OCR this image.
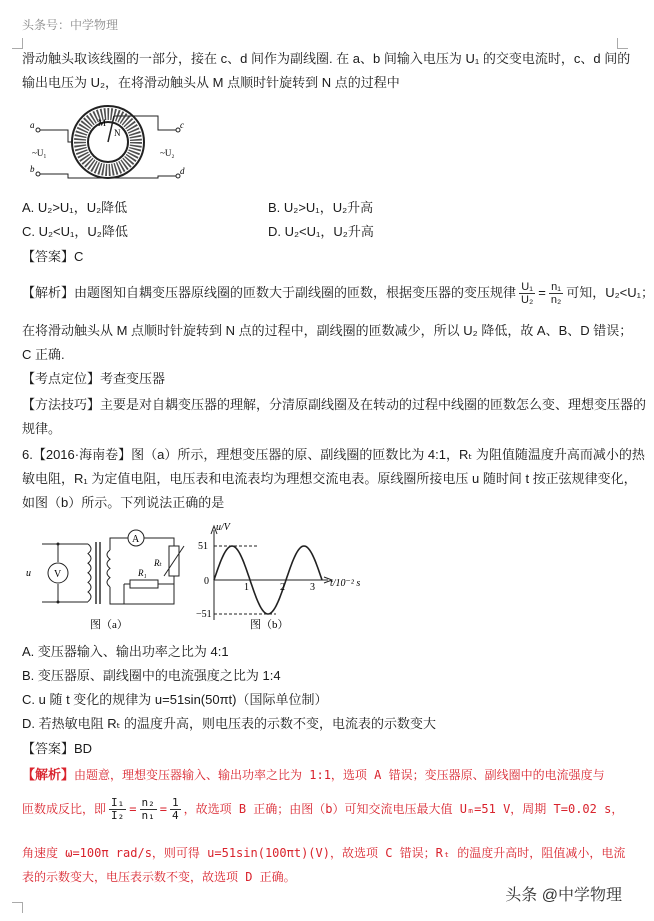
头条号：中学物理
滑动触头取该线圈的一部分，接在 c、d 间作为副线圈. 在 a、b 间输入电压为 U₁ 的交变电流时，c、d 间的
输出电压为 U₂，在将滑动触头从 M 点顺时针旋转到 N 点的过程中
M
N
a
b
c
d
~U₁	~U₂
A. U₂>U₁，U₂降低	B. U₂>U₁，U₂升高
C. U₂<U₁，U₂降低	D. U₂<U₁，U₂升高
【答案】C
【解析】由题图知自耦变压器原线圈的匝数大于副线圈的匝数，根据变压器的变压规律 $\frac{\text{U₁}}{\text{U₂}} = \frac{\text{n₁}}{\text{n₂}}$ 可知，U₂<U₁；
在将滑动触头从 M 点顺时针旋转到 N 点的过程中，副线圈的匝数减少，所以 U₂ 降低，故 A、B、D 错误；
C 正确.
【考点定位】考查变压器
【方法技巧】主要是对自耦变压器的理解，分清原副线圈及在转动的过程中线圈的匝数怎么变、理想变压器的
规律。
6.【2016·海南卷】图（a）所示，理想变压器的原、副线圈的匝数比为 4:1，Rₜ 为阻值随温度升高而减小的热
敏电阻，R₁ 为定值电阻，电压表和电流表均为理想交流电表。原线圈所接电压 u 随时间 t 按正弦规律变化，
如图（b）所示。下列说法正确的是
u V
A
Rₜ
R₁
图（a）
u/V
51
−51
0
1	2	3 t/10⁻² s
图（b）
A. 变压器输入、输出功率之比为 4:1
B. 变压器原、副线圈中的电流强度之比为 1:4
C. u 随 t 变化的规律为 u=51sin(50πt)（国际单位制）
D. 若热敏电阻 Rₜ 的温度升高，则电压表的示数不变，电流表的示数变大
【答案】BD
【解析】由题意，理想变压器输入、输出功率之比为 1:1，选项 A 错误；变压器原、副线圈中的电流强度与
匝数成反比，即 $\frac{\text{I₁}}{\text{I₂}} = \frac{\text{n₂}}{\text{n₁}} = \frac{1}{4}$ ，故选项 B 正确；由图（b）可知交流电压最大值 Uₘ=51 V，周期 T=0.02 s，
角速度 ω=100π rad/s，则可得 u=51sin(100πt)(V)，故选项 C 错误；Rₜ 的温度升高时，阻值减小，电流
表的示数变大，电压表示数不变，故选项 D 正确。
头条 @中学物理
